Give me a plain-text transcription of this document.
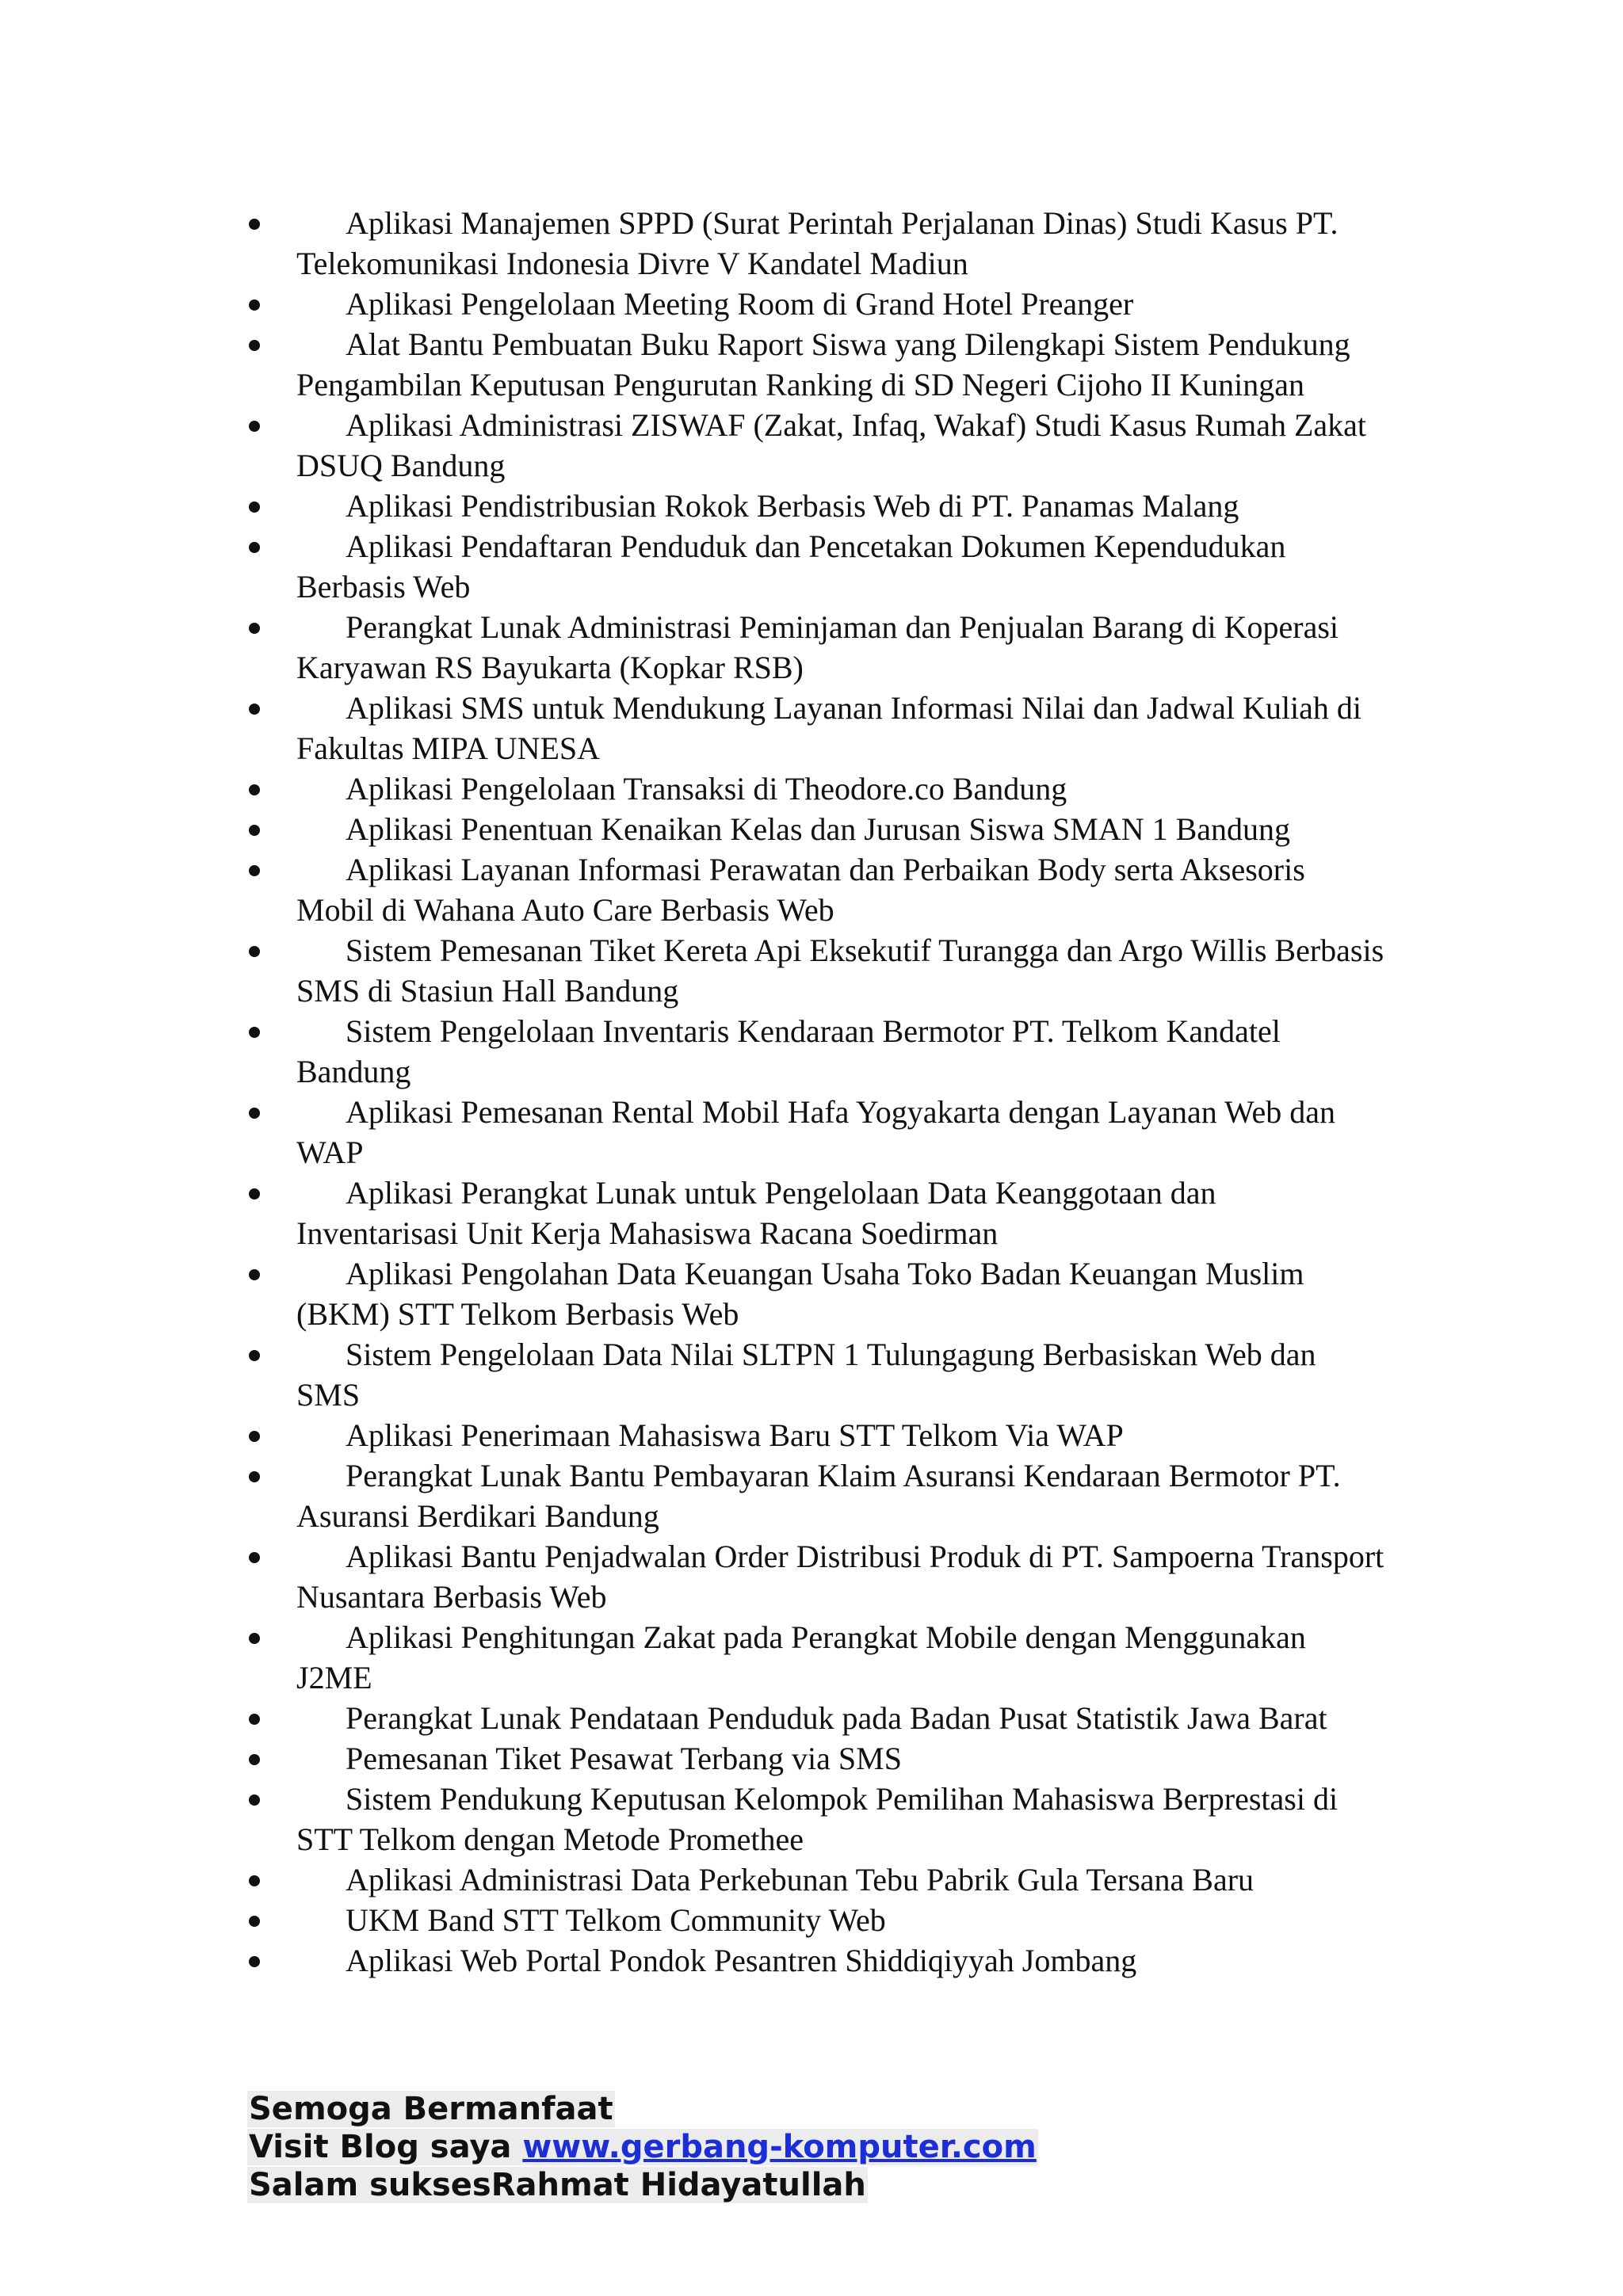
Aplikasi Manajemen SPPD (Surat Perintah Perjalanan Dinas) Studi Kasus PT. Telekomunikasi Indonesia Divre V Kandatel Madiun
Aplikasi Pengelolaan Meeting Room di Grand Hotel Preanger
Alat Bantu Pembuatan Buku Raport Siswa yang Dilengkapi Sistem Pendukung Pengambilan Keputusan Pengurutan Ranking di SD Negeri Cijoho II Kuningan
Aplikasi Administrasi ZISWAF (Zakat, Infaq, Wakaf) Studi Kasus Rumah Zakat DSUQ Bandung
Aplikasi Pendistribusian Rokok Berbasis Web di PT. Panamas Malang
Aplikasi Pendaftaran Penduduk dan Pencetakan Dokumen Kependudukan Berbasis Web
Perangkat Lunak Administrasi Peminjaman dan Penjualan Barang di Koperasi Karyawan RS Bayukarta (Kopkar RSB)
Aplikasi SMS untuk Mendukung Layanan Informasi Nilai dan Jadwal Kuliah di Fakultas MIPA UNESA
Aplikasi Pengelolaan Transaksi di Theodore.co Bandung
Aplikasi Penentuan Kenaikan Kelas dan Jurusan Siswa SMAN 1 Bandung
Aplikasi Layanan Informasi Perawatan dan Perbaikan Body serta Aksesoris Mobil di Wahana Auto Care Berbasis Web
Sistem Pemesanan Tiket Kereta Api Eksekutif Turangga dan Argo Willis Berbasis SMS di Stasiun Hall Bandung
Sistem Pengelolaan Inventaris Kendaraan Bermotor PT. Telkom Kandatel Bandung
Aplikasi Pemesanan Rental Mobil Hafa Yogyakarta dengan Layanan Web dan WAP
Aplikasi Perangkat Lunak untuk Pengelolaan Data Keanggotaan dan Inventarisasi Unit Kerja Mahasiswa Racana Soedirman
Aplikasi Pengolahan Data Keuangan Usaha Toko Badan Keuangan Muslim (BKM) STT Telkom Berbasis Web
Sistem Pengelolaan Data Nilai SLTPN 1 Tulungagung Berbasiskan Web dan SMS
Aplikasi Penerimaan Mahasiswa Baru STT Telkom Via WAP
Perangkat Lunak Bantu Pembayaran Klaim Asuransi Kendaraan Bermotor PT. Asuransi Berdikari Bandung
Aplikasi Bantu Penjadwalan Order Distribusi Produk di PT. Sampoerna Transport Nusantara Berbasis Web
Aplikasi Penghitungan Zakat pada Perangkat Mobile dengan Menggunakan J2ME
Perangkat Lunak Pendataan Penduduk pada Badan Pusat Statistik Jawa Barat
Pemesanan Tiket Pesawat Terbang via SMS
Sistem Pendukung Keputusan Kelompok Pemilihan Mahasiswa Berprestasi di STT Telkom dengan Metode Promethee
Aplikasi Administrasi Data Perkebunan Tebu Pabrik Gula Tersana Baru
UKM Band STT Telkom Community Web
Aplikasi Web Portal Pondok Pesantren Shiddiqiyyah Jombang
Semoga Bermanfaat
Visit Blog saya www.gerbang-komputer.com
Salam suksesRahmat Hidayatullah
